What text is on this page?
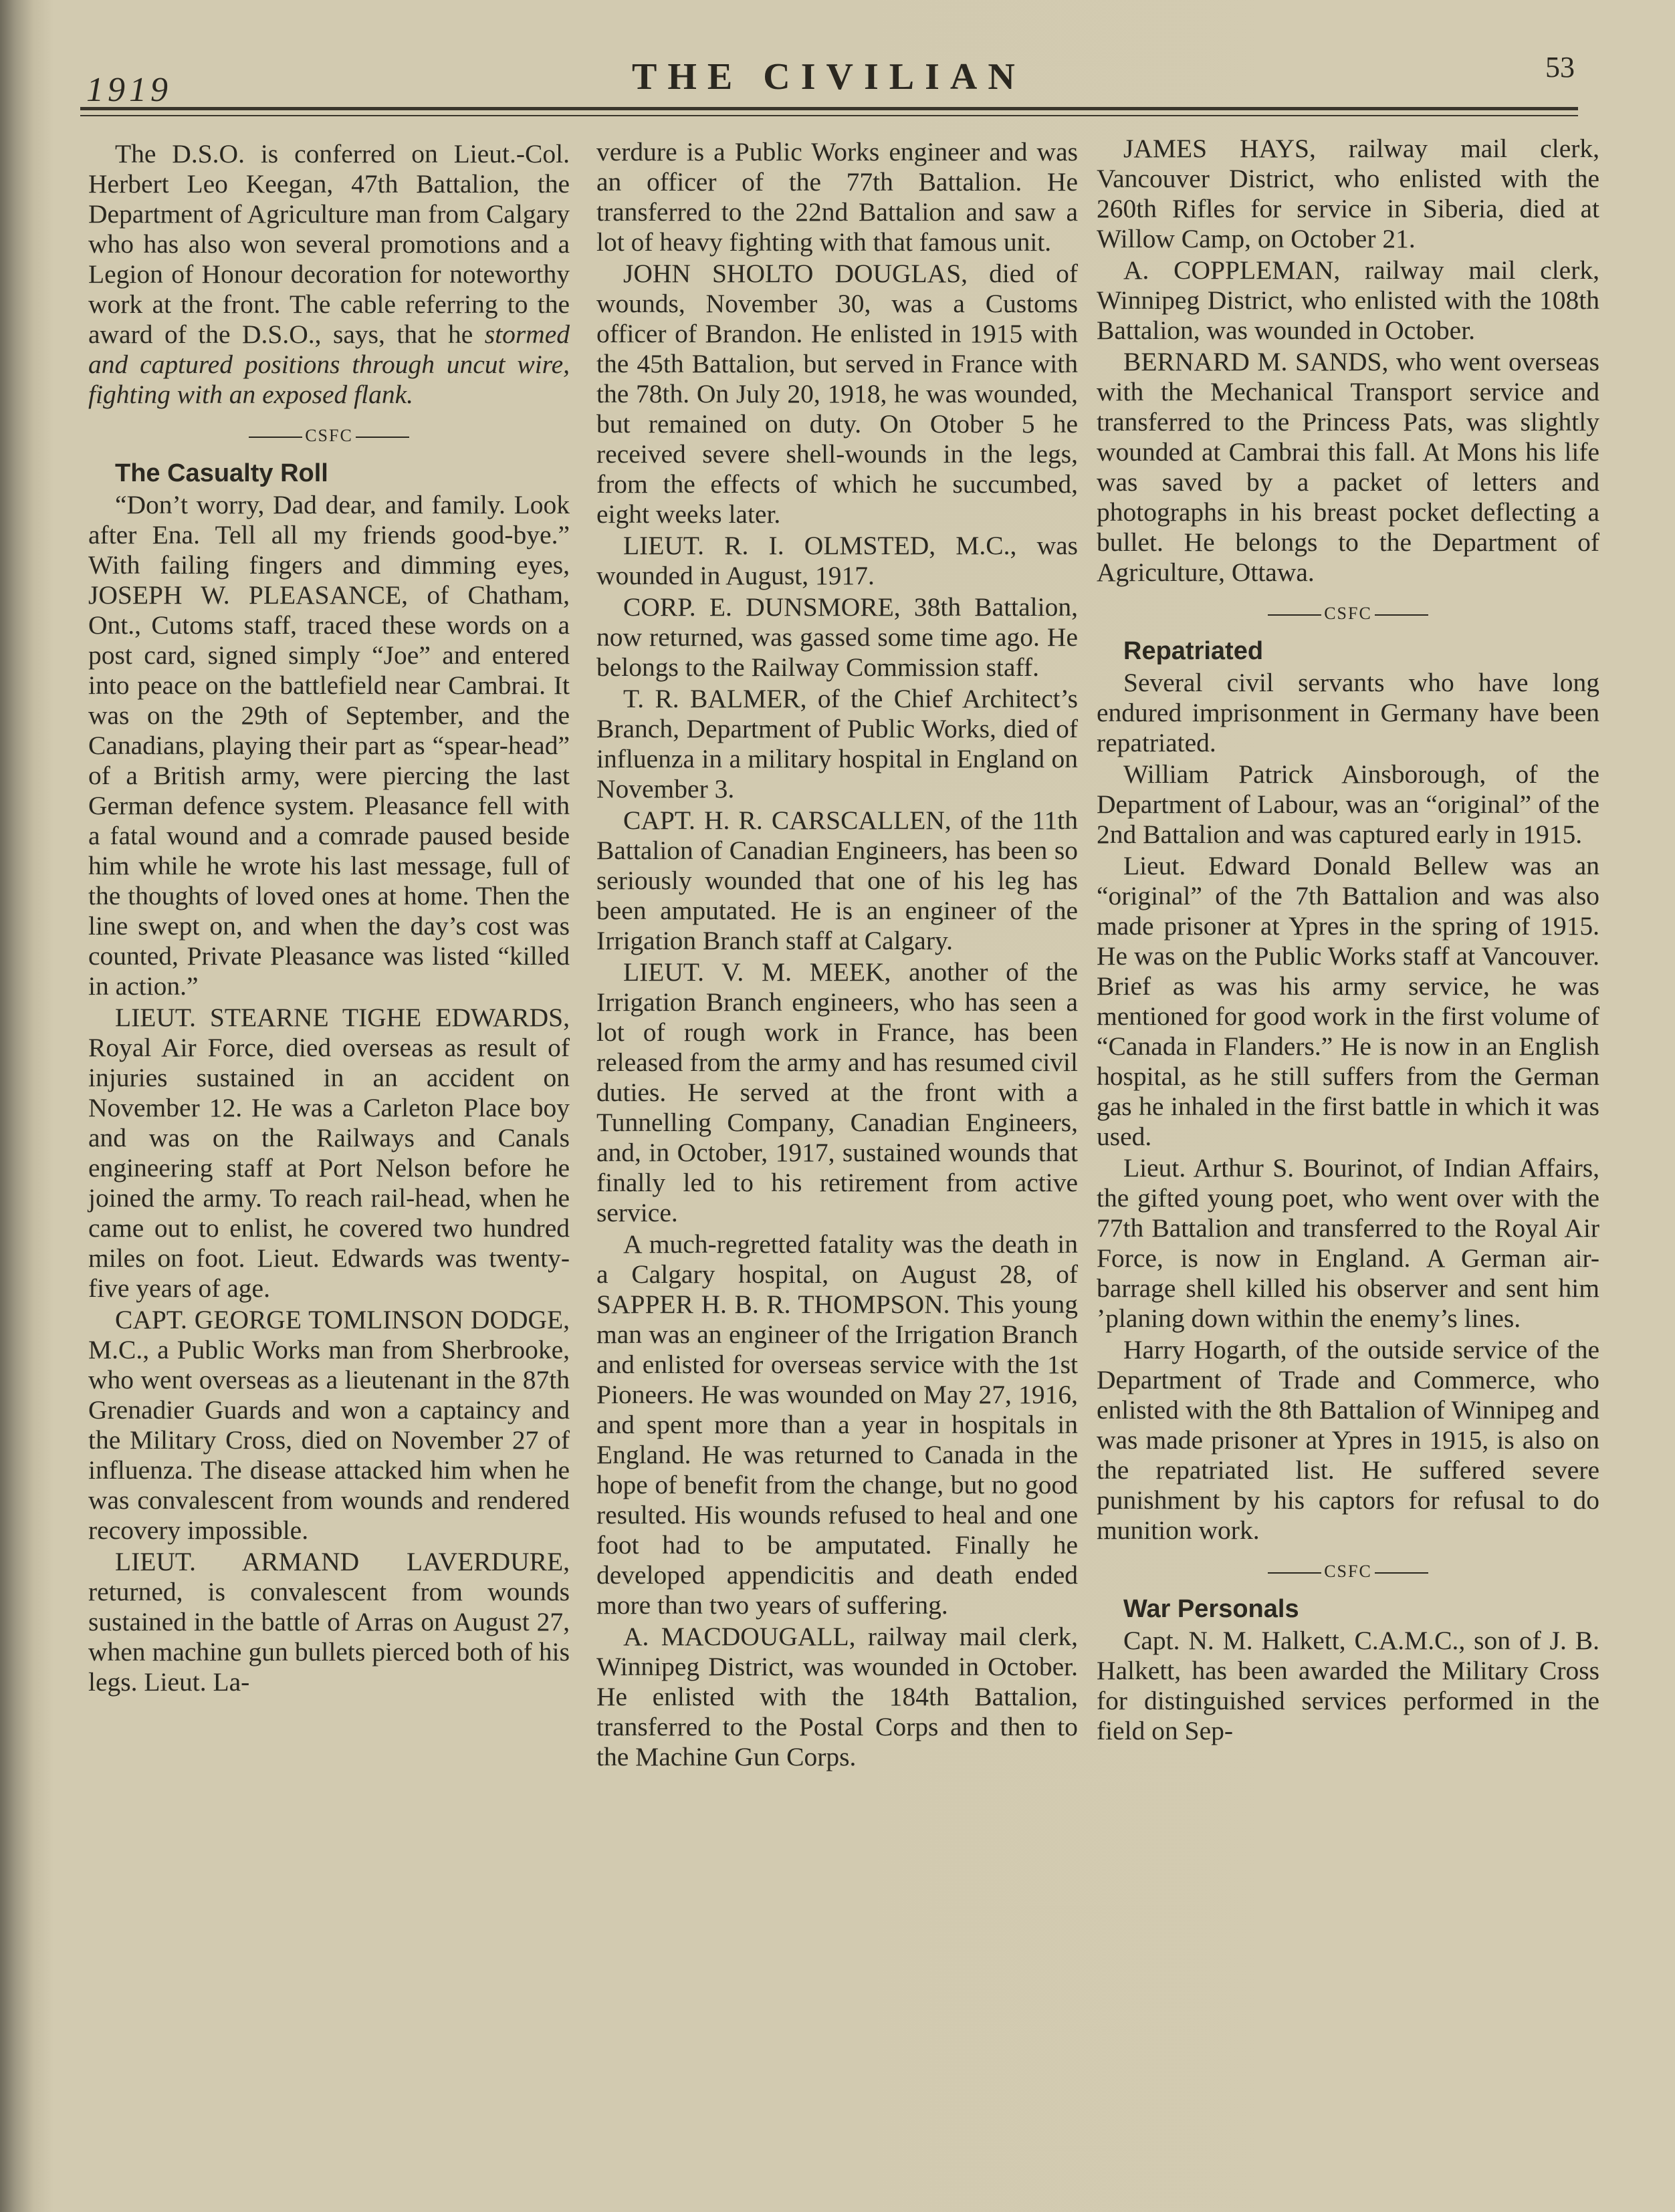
1919	THE CIVILIAN	53

The D.S.O. is conferred on Lieut.-Col. Herbert Leo Keegan, 47th Battalion, the Department of Agriculture man from Calgary who has also won several promotions and a Legion of Honour decoration for noteworthy work at the front. The cable referring to the award of the D.S.O., says, that he stormed and captured positions through uncut wire, fighting with an exposed flank.

CSFC

The Casualty Roll

“Don’t worry, Dad dear, and family. Look after Ena. Tell all my friends good-bye.” With failing fingers and dimming eyes, JOSEPH W. PLEASANCE, of Chatham, Ont., Cutoms staff, traced these words on a post card, signed simply “Joe” and entered into peace on the battlefield near Cambrai. It was on the 29th of September, and the Canadians, playing their part as “spear-head” of a British army, were piercing the last German defence system. Pleasance fell with a fatal wound and a comrade paused beside him while he wrote his last message, full of the thoughts of loved ones at home. Then the line swept on, and when the day’s cost was counted, Private Pleasance was listed “killed in action.”

LIEUT. STEARNE TIGHE EDWARDS, Royal Air Force, died overseas as result of injuries sustained in an accident on November 12. He was a Carleton Place boy and was on the Railways and Canals engineering staff at Port Nelson before he joined the army. To reach rail-head, when he came out to enlist, he covered two hundred miles on foot. Lieut. Edwards was twenty-five years of age.

CAPT. GEORGE TOMLINSON DODGE, M.C., a Public Works man from Sherbrooke, who went overseas as a lieutenant in the 87th Grenadier Guards and won a captaincy and the Military Cross, died on November 27 of influenza. The disease attacked him when he was convalescent from wounds and rendered recovery impossible.

LIEUT. ARMAND LAVERDURE, returned, is convalescent from wounds sustained in the battle of Arras on August 27, when machine gun bullets pierced both of his legs. Lieut. La-

verdure is a Public Works engineer and was an officer of the 77th Battalion. He transferred to the 22nd Battalion and saw a lot of heavy fighting with that famous unit.

JOHN SHOLTO DOUGLAS, died of wounds, November 30, was a Customs officer of Brandon. He enlisted in 1915 with the 45th Battalion, but served in France with the 78th. On July 20, 1918, he was wounded, but remained on duty. On Otober 5 he received severe shell-wounds in the legs, from the effects of which he succumbed, eight weeks later.

LIEUT. R. I. OLMSTED, M.C., was wounded in August, 1917.

CORP. E. DUNSMORE, 38th Battalion, now returned, was gassed some time ago. He belongs to the Railway Commission staff.

T. R. BALMER, of the Chief Architect’s Branch, Department of Public Works, died of influenza in a military hospital in England on November 3.

CAPT. H. R. CARSCALLEN, of the 11th Battalion of Canadian Engineers, has been so seriously wounded that one of his leg has been amputated. He is an engineer of the Irrigation Branch staff at Calgary.

LIEUT. V. M. MEEK, another of the Irrigation Branch engineers, who has seen a lot of rough work in France, has been released from the army and has resumed civil duties. He served at the front with a Tunnelling Company, Canadian Engineers, and, in October, 1917, sustained wounds that finally led to his retirement from active service.

A much-regretted fatality was the death in a Calgary hospital, on August 28, of SAPPER H. B. R. THOMPSON. This young man was an engineer of the Irrigation Branch and enlisted for overseas service with the 1st Pioneers. He was wounded on May 27, 1916, and spent more than a year in hospitals in England. He was returned to Canada in the hope of benefit from the change, but no good resulted. His wounds refused to heal and one foot had to be amputated. Finally he developed appendicitis and death ended more than two years of suffering.

A. MACDOUGALL, railway mail clerk, Winnipeg District, was wounded in October. He enlisted with the 184th Battalion, transferred to the Postal Corps and then to the Machine Gun Corps.

JAMES HAYS, railway mail clerk, Vancouver District, who enlisted with the 260th Rifles for service in Siberia, died at Willow Camp, on October 21.

A. COPPLEMAN, railway mail clerk, Winnipeg District, who enlisted with the 108th Battalion, was wounded in October.

BERNARD M. SANDS, who went overseas with the Mechanical Transport service and transferred to the Princess Pats, was slightly wounded at Cambrai this fall. At Mons his life was saved by a packet of letters and photographs in his breast pocket deflecting a bullet. He belongs to the Department of Agriculture, Ottawa.

CSFC

Repatriated

Several civil servants who have long endured imprisonment in Germany have been repatriated.

William Patrick Ainsborough, of the Department of Labour, was an “original” of the 2nd Battalion and was captured early in 1915.

Lieut. Edward Donald Bellew was an “original” of the 7th Battalion and was also made prisoner at Ypres in the spring of 1915. He was on the Public Works staff at Vancouver. Brief as was his army service, he was mentioned for good work in the first volume of “Canada in Flanders.” He is now in an English hospital, as he still suffers from the German gas he inhaled in the first battle in which it was used.

Lieut. Arthur S. Bourinot, of Indian Affairs, the gifted young poet, who went over with the 77th Battalion and transferred to the Royal Air Force, is now in England. A German air-barrage shell killed his observer and sent him ’planing down within the enemy’s lines.

Harry Hogarth, of the outside service of the Department of Trade and Commerce, who enlisted with the 8th Battalion of Winnipeg and was made prisoner at Ypres in 1915, is also on the repatriated list. He suffered severe punishment by his captors for refusal to do munition work.

CSFC

War Personals

Capt. N. M. Halkett, C.A.M.C., son of J. B. Halkett, has been awarded the Military Cross for distinguished services performed in the field on Sep-
